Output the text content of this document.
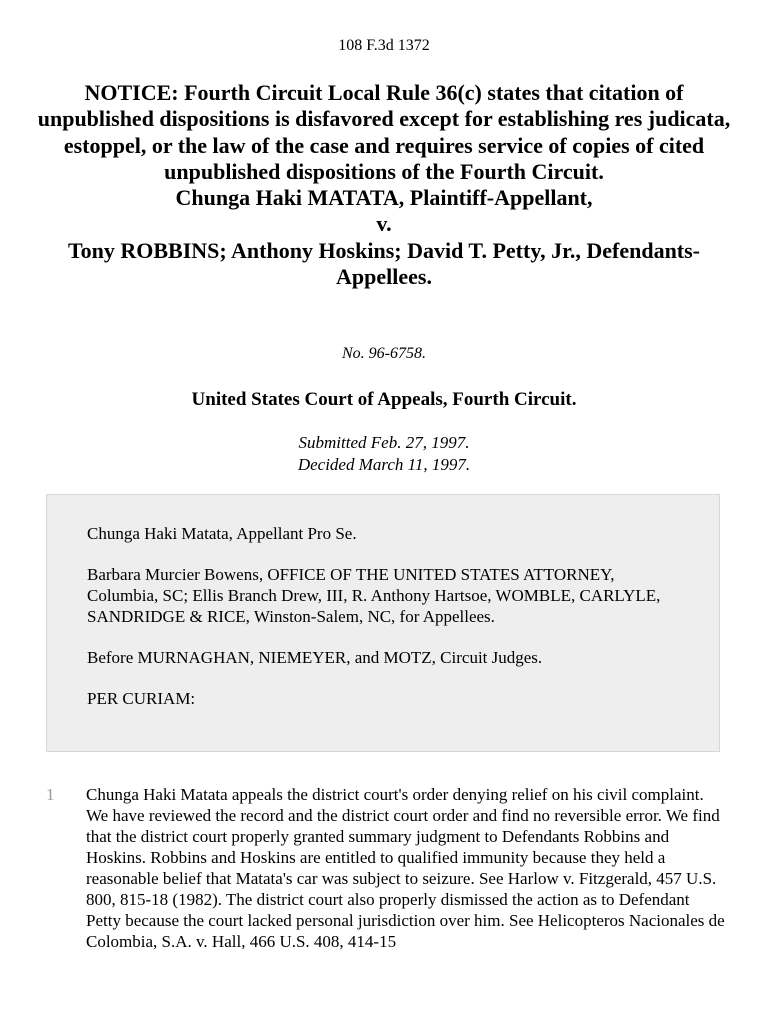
108 F.3d 1372
NOTICE: Fourth Circuit Local Rule 36(c) states that citation of unpublished dispositions is disfavored except for establishing res judicata, estoppel, or the law of the case and requires service of copies of cited unpublished dispositions of the Fourth Circuit.
Chunga Haki MATATA, Plaintiff-Appellant,
v.
Tony ROBBINS; Anthony Hoskins; David T. Petty, Jr., Defendants-Appellees.
No. 96-6758.
United States Court of Appeals, Fourth Circuit.
Submitted Feb. 27, 1997.
Decided March 11, 1997.

Chunga Haki Matata, Appellant Pro Se.

Barbara Murcier Bowens, OFFICE OF THE UNITED STATES ATTORNEY, Columbia, SC; Ellis Branch Drew, III, R. Anthony Hartsoe, WOMBLE, CARLYLE, SANDRIDGE & RICE, Winston-Salem, NC, for Appellees.

Before MURNAGHAN, NIEMEYER, and MOTZ, Circuit Judges.

PER CURIAM:

1 Chunga Haki Matata appeals the district court's order denying relief on his civil complaint. We have reviewed the record and the district court order and find no reversible error. We find that the district court properly granted summary judgment to Defendants Robbins and Hoskins. Robbins and Hoskins are entitled to qualified immunity because they held a reasonable belief that Matata's car was subject to seizure. See Harlow v. Fitzgerald, 457 U.S. 800, 815-18 (1982). The district court also properly dismissed the action as to Defendant Petty because the court lacked personal jurisdiction over him. See Helicopteros Nacionales de Colombia, S.A. v. Hall, 466 U.S. 408, 414-15
